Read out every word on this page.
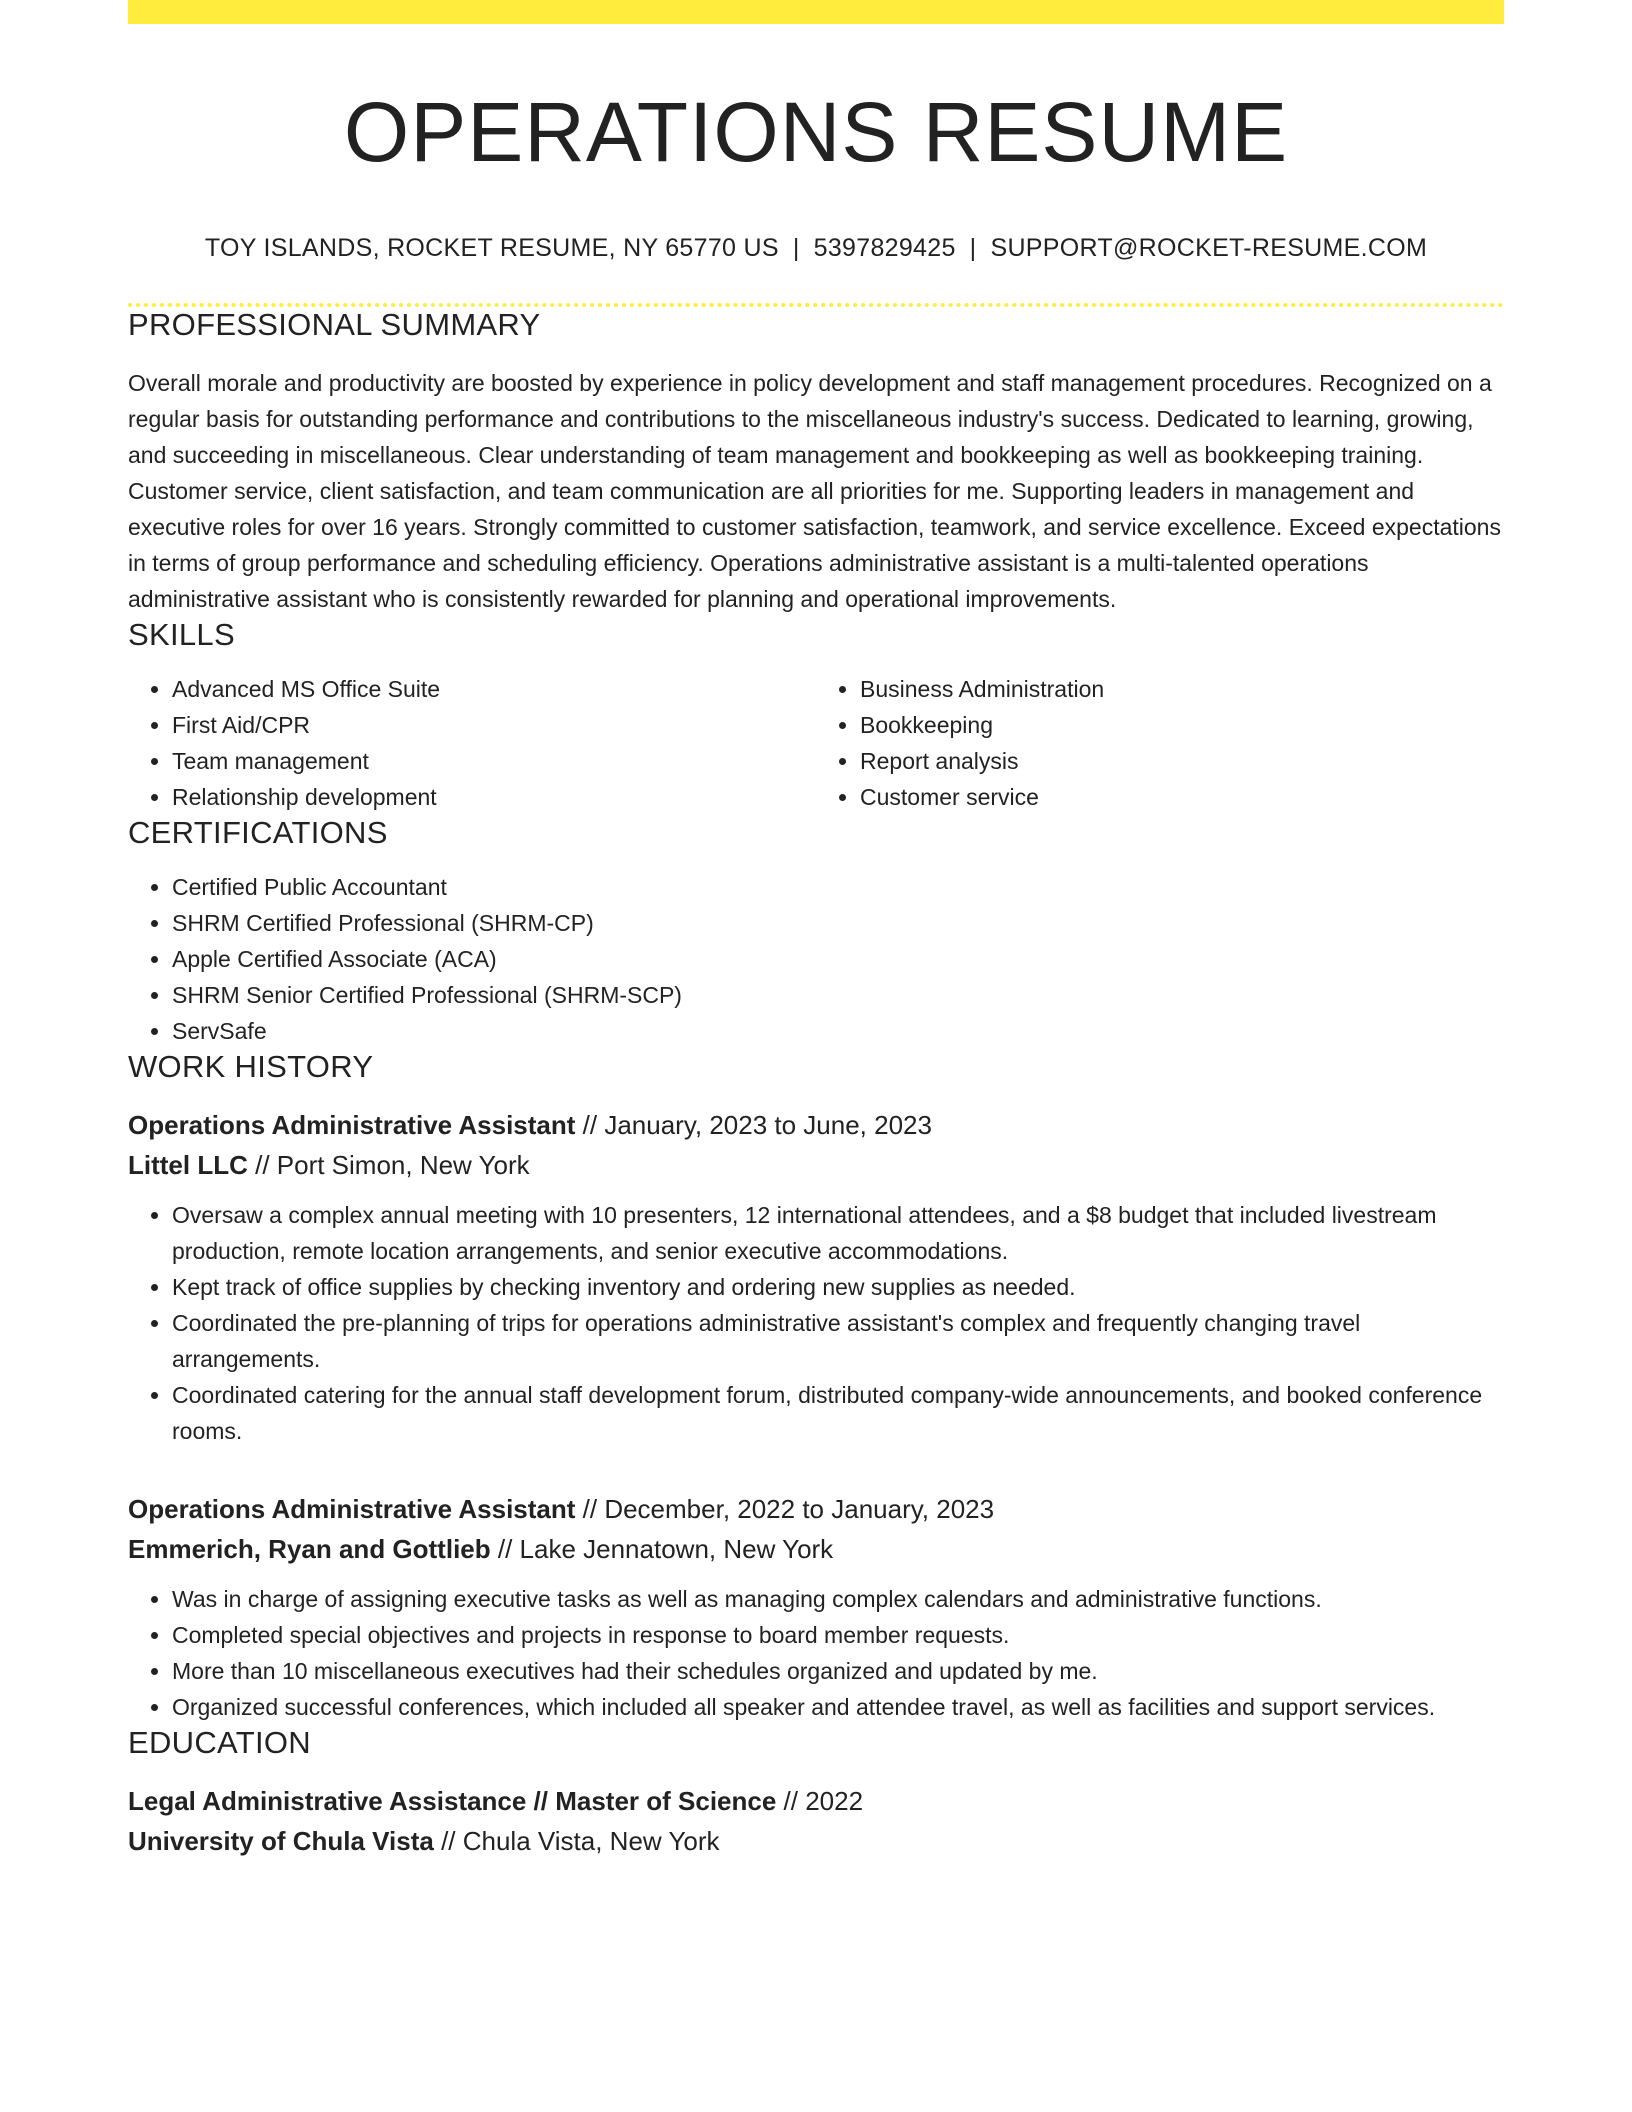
OPERATIONS RESUME
TOY ISLANDS, ROCKET RESUME, NY 65770 US | 5397829425 | SUPPORT@ROCKET-RESUME.COM
PROFESSIONAL SUMMARY
Overall morale and productivity are boosted by experience in policy development and staff management procedures. Recognized on a regular basis for outstanding performance and contributions to the miscellaneous industry's success. Dedicated to learning, growing, and succeeding in miscellaneous. Clear understanding of team management and bookkeeping as well as bookkeeping training. Customer service, client satisfaction, and team communication are all priorities for me. Supporting leaders in management and executive roles for over 16 years. Strongly committed to customer satisfaction, teamwork, and service excellence. Exceed expectations in terms of group performance and scheduling efficiency. Operations administrative assistant is a multi-talented operations administrative assistant who is consistently rewarded for planning and operational improvements.
SKILLS
• Advanced MS Office Suite
• First Aid/CPR
• Team management
• Relationship development
• Business Administration
• Bookkeeping
• Report analysis
• Customer service
CERTIFICATIONS
• Certified Public Accountant
• SHRM Certified Professional (SHRM-CP)
• Apple Certified Associate (ACA)
• SHRM Senior Certified Professional (SHRM-SCP)
• ServSafe
WORK HISTORY
Operations Administrative Assistant // January, 2023 to June, 2023
Littel LLC // Port Simon, New York
• Oversaw a complex annual meeting with 10 presenters, 12 international attendees, and a $8 budget that included livestream production, remote location arrangements, and senior executive accommodations.
• Kept track of office supplies by checking inventory and ordering new supplies as needed.
• Coordinated the pre-planning of trips for operations administrative assistant's complex and frequently changing travel arrangements.
• Coordinated catering for the annual staff development forum, distributed company-wide announcements, and booked conference rooms.
Operations Administrative Assistant // December, 2022 to January, 2023
Emmerich, Ryan and Gottlieb // Lake Jennatown, New York
• Was in charge of assigning executive tasks as well as managing complex calendars and administrative functions.
• Completed special objectives and projects in response to board member requests.
• More than 10 miscellaneous executives had their schedules organized and updated by me.
• Organized successful conferences, which included all speaker and attendee travel, as well as facilities and support services.
EDUCATION
Legal Administrative Assistance // Master of Science // 2022
University of Chula Vista // Chula Vista, New York
